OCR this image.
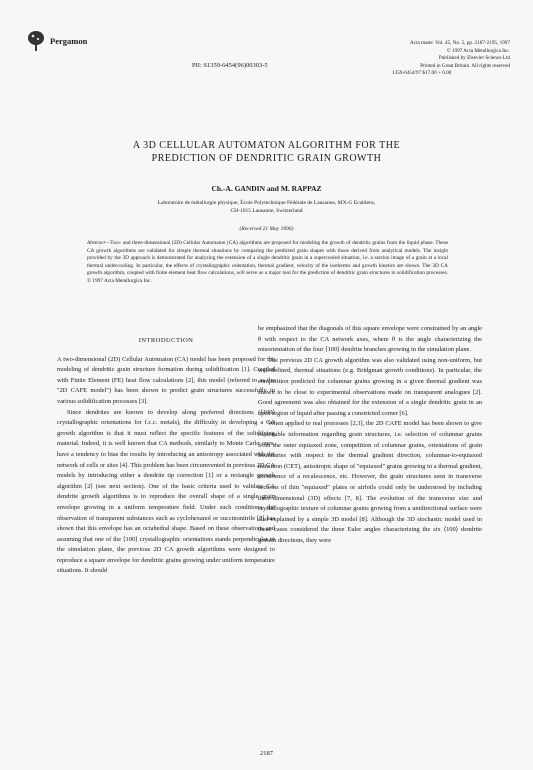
Pergamon
PII: S1359-6454(96)00303-5
Acta mater. Vol. 45, No. 5, pp. 2187-2195, 1997
© 1997 Acta Metallurgica Inc.
Published by Elsevier Science Ltd
Printed in Great Britain. All rights reserved
1359-6454/97 $17.00 + 0.00
A 3D CELLULAR AUTOMATON ALGORITHM FOR THE
PREDICTION OF DENDRITIC GRAIN GROWTH
Ch.-A. GANDIN and M. RAPPAZ
Laboratoire de métallurgie physique, École Polytechnique Fédérale de Lausanne, MX-G Ecublens,
CH-1015 Lausanne, Switzerland
(Received 21 May 1996)
Abstract—Two- and three-dimensional (2D) Cellular Automaton (CA) algorithms are proposed for modeling the growth of dendritic grains from the liquid phase. These CA growth algorithms are validated for simple thermal situations by comparing the predicted grain shapes with those derived from analytical models. The insight provided by the 3D approach is demonstrated for analyzing the extension of a single dendritic grain in a supercooled situation, i.e. a section image of a grain at a local thermal undercooling. In particular, the effects of crystallographic orientation, thermal gradient, velocity of the isotherms and growth kinetics are shown. The 3D CA growth algorithm, coupled with finite element heat flow calculations, will serve as a major tool for the prediction of dendritic grain structures in solidification processes. © 1997 Acta Metallurgica Inc.
INTRODUCTION

A two-dimensional (2D) Cellular Automaton (CA) model has been proposed for the modeling of dendritic grain structure formation during solidification [1]. Coupled with Finite Element (FE) heat flow calculations [2], this model (referred to as the "2D CAFE model") has been shown to predict grain structures successfully in various solidification processes [3].

Since dendrites are known to develop along preferred directions (⟨100⟩ crystallographic orientations for f.c.c. metals), the difficulty in developing a CA growth algorithm is that it must reflect the specific features of the solidifying material. Indeed, it is well known that CA methods, similarly to Monte Carlo ones, have a tendency to bias the results by introducing an anisotropy associated with the network of cells or sites [4]. This problem has been circumvented in previous 2D CA models by introducing either a dendrite tip correction [1] or a rectangle growth algorithm [2] (see next section). One of the basic criteria used to validate CA dendrite growth algorithms is to reproduce the overall shape of a single grain envelope growing in a uniform temperature field. Under such conditions, the observation of transparent substances such as cyclohexanol or succinonitrile [5] has shown that this envelope has an octahedral shape. Based on these observations and assuming that one of the ⟨100⟩ crystallographic orientations stands perpendicular to the simulation plane, the previous 2D CA growth algorithms were designed to reproduce a square envelope for dendritic grains growing under uniform temperature situations. It should

be emphasized that the diagonals of this square envelope were constrained by an angle θ with respect to the CA network axes, where θ is the angle characterizing the misorientation of the four ⟨100⟩ dendrite branches growing in the simulation plane.

The previous 2D CA growth algorithm was also validated using non-uniform, but well-defined, thermal situations (e.g. Bridgman growth conditions). In particular, the competition predicted for columnar grains growing in a given thermal gradient was shown to be close to experimental observations made on transparent analogues [2]. Good agreement was also obtained for the extension of a single dendritic grain in an open region of liquid after passing a constricted corner [6].

When applied to real processes [2,3], the 2D CAFE model has been shown to give reasonable information regarding grain structures, i.e. selection of columnar grains from the outer equiaxed zone, competition of columnar grains, orientations of grain boundaries with respect to the thermal gradient direction, columnar-to-equiaxed transition (CET), anisotropic shape of "equiaxed" grains growing in a thermal gradient, occurrence of a recalescence, etc. However, the grain structures seen in transverse sections of thin "equiaxed" plates or airfoils could only be understood by including three-dimensional (3D) effects [7, 8]. The evolution of the transverse size and crystallographic texture of columnar grains growing from a unidirectional surface were also explained by a simple 3D model [8]. Although the 3D stochastic model used in these cases considered the three Euler angles characterizing the six ⟨100⟩ dendrite growth directions, they were

2187
